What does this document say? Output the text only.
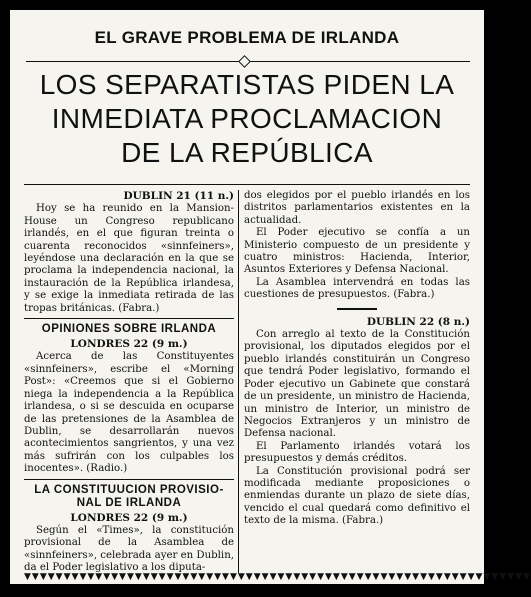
EL GRAVE PROBLEMA DE IRLANDA
LOS SEPARATISTAS PIDEN LA
INMEDIATA PROCLAMACION
DE LA REPÚBLICA
DUBLIN 21 (11 n.)

Hoy se ha reunido en la Mansion-House un Congreso republicano irlandés, en el que figuran treinta o cuarenta reconocidos «sinnfeiners», leyéndose una declaración en la que se proclama la independencia nacional, la instauración de la República irlandesa, y se exige la inmediata retirada de las tropas británicas. (Fabra.)

OPINIONES SOBRE IRLANDA
LONDRES 22 (9 m.)

Acerca de las Constituyentes «sinnfeiners», escribe el «Morning Post»: «Creemos que si el Gobierno niega la independencia a la República irlandesa, o si se descuida en ocuparse de las pretensiones de la Asamblea de Dublin, se desarrollarán nuevos acontecimientos sangrientos, y una vez más sufrirán con los culpables los inocentes». (Radio.)

LA CONSTITUUCION PROVISIO-
NAL DE IRLANDA
LONDRES 22 (9 m.)

Según el «Times», la constitución provisional de la Asamblea de «sinnfeiners», celebrada ayer en Dublin, da el Poder legislativo a los diputa-

dos elegidos por el pueblo irlandés en los distritos parlamentarios existentes en la actualidad.

El Poder ejecutivo se confía a un Ministerio compuesto de un presidente y cuatro ministros: Hacienda, Interior, Asuntos Exteriores y Defensa Nacional.

La Asamblea intervendrá en todas las cuestiones de presupuestos. (Fabra.)

DUBLIN 22 (8 n.)

Con arreglo al texto de la Constitución provisional, los diputados elegidos por el pueblo irlandés constituirán un Congreso que tendrá Poder legislativo, formando el Poder ejecutivo un Gabinete que constará de un presidente, un ministro de Hacienda, un ministro de Interior, un ministro de Negocios Extranjeros y un ministro de Defensa nacional.

El Parlamento irlandés votará los presupuestos y demás créditos.

La Constitución provisional podrá ser modificada mediante proposiciones o enmiendas durante un plazo de siete días, vencido el cual quedará como definitivo el texto de la misma. (Fabra.)

▼▼▼▼▼▼▼▼▼▼▼▼▼▼▼▼▼▼▼▼▼▼▼▼▼▼▼▼▼▼▼▼▼▼▼▼▼▼▼▼▼▼▼▼▼▼▼▼▼▼▼▼▼▼▼▼▼▼▼▼▼▼▼▼
